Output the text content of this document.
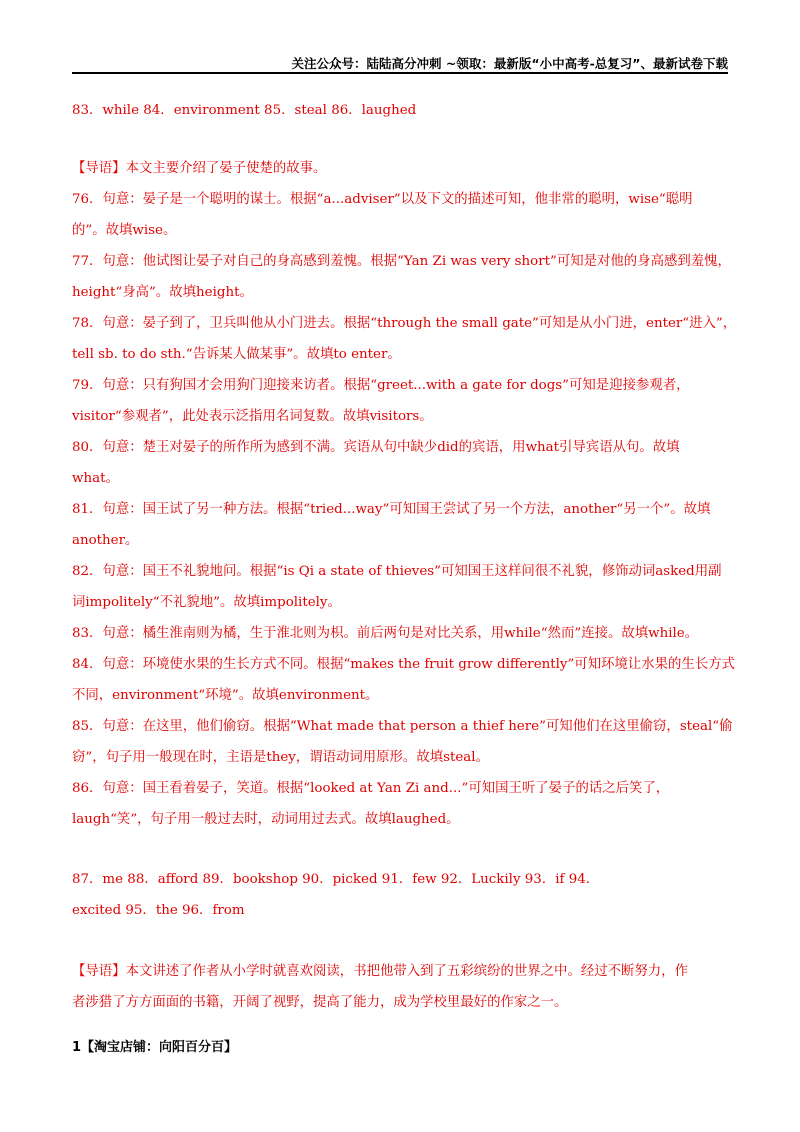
关注公众号：陆陆高分冲刺 ~领取：最新版“小中高考-总复习”、最新试卷下载
83．while 84．environment 85．steal 86．laughed
【导语】本文主要介绍了晏子使楚的故事。
76．句意：晏子是一个聪明的谋士。根据“a...adviser”以及下文的描述可知，他非常的聪明，wise“聪明
的”。故填wise。
77．句意：他试图让晏子对自己的身高感到羞愧。根据“Yan Zi was very short”可知是对他的身高感到羞愧，
height“身高”。故填height。
78．句意：晏子到了，卫兵叫他从小门进去。根据“through the small gate”可知是从小门进，enter“进入”，
tell sb. to do sth.“告诉某人做某事”。故填to enter。
79．句意：只有狗国才会用狗门迎接来访者。根据“greet...with a gate for dogs”可知是迎接参观者，
visitor“参观者”，此处表示泛指用名词复数。故填visitors。
80．句意：楚王对晏子的所作所为感到不满。宾语从句中缺少did的宾语，用what引导宾语从句。故填
what。
81．句意：国王试了另一种方法。根据“tried...way”可知国王尝试了另一个方法，another“另一个”。故填
another。
82．句意：国王不礼貌地问。根据“is Qi a state of thieves”可知国王这样问很不礼貌，修饰动词asked用副
词impolitely“不礼貌地”。故填impolitely。
83．句意：橘生淮南则为橘，生于淮北则为枳。前后两句是对比关系，用while“然而”连接。故填while。
84．句意：环境使水果的生长方式不同。根据“makes the fruit grow differently”可知环境让水果的生长方式
不同，environment“环境”。故填environment。
85．句意：在这里，他们偷窃。根据“What made that person a thief here”可知他们在这里偷窃，steal“偷
窃”，句子用一般现在时，主语是they，谓语动词用原形。故填steal。
86．句意：国王看着晏子，笑道。根据“looked at Yan Zi and...”可知国王听了晏子的话之后笑了，
laugh“笑”，句子用一般过去时，动词用过去式。故填laughed。
87．me 88．afford 89．bookshop 90．picked 91．few 92．Luckily 93．if 94．
excited 95．the 96．from
【导语】本文讲述了作者从小学时就喜欢阅读，书把他带入到了五彩缤纷的世界之中。经过不断努力，作
者涉猎了方方面面的书籍，开阔了视野，提高了能力，成为学校里最好的作家之一。
1【淘宝店铺：向阳百分百】
